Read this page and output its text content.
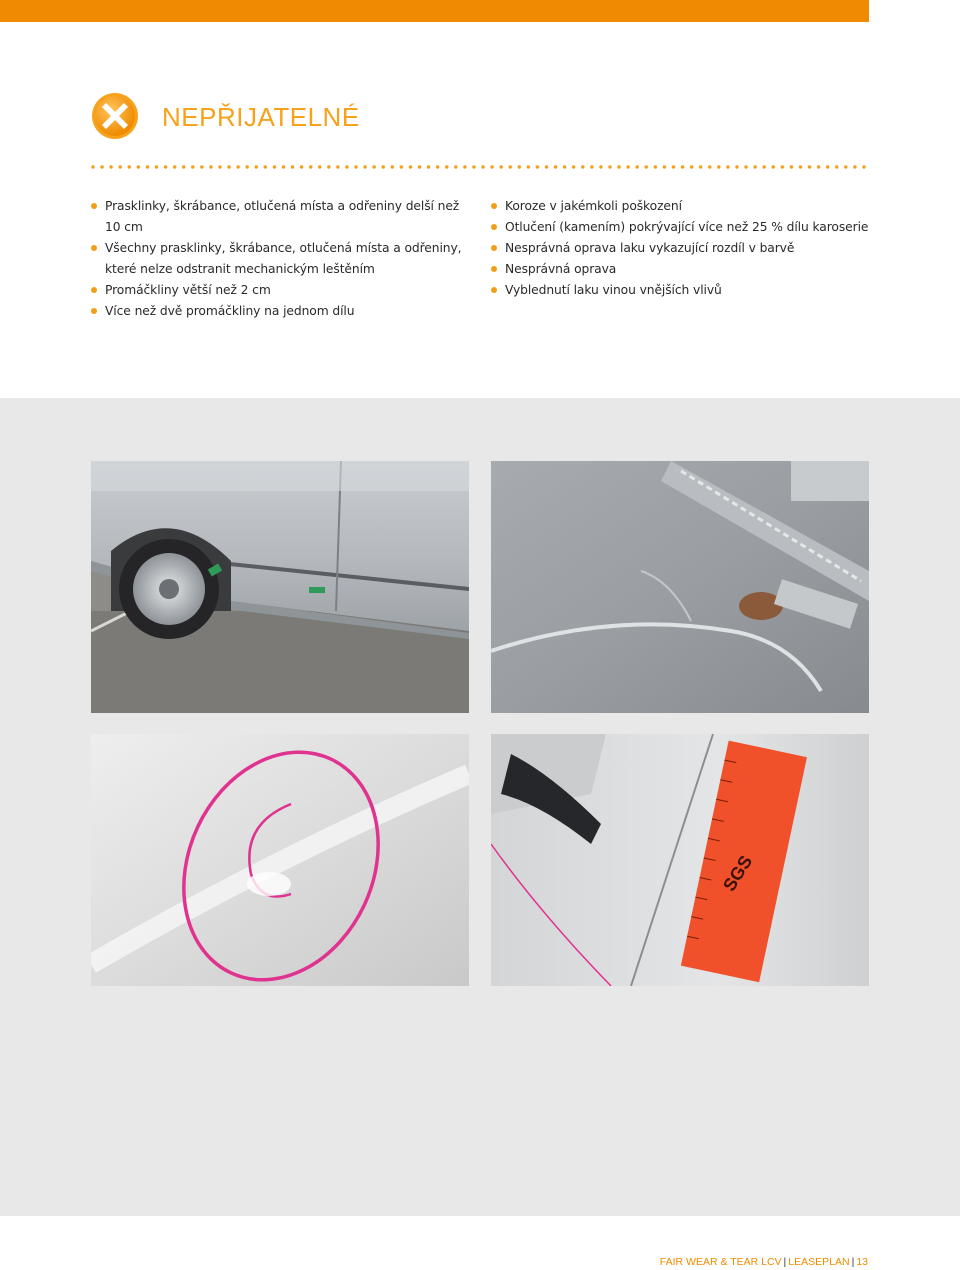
NEPŘIJATELNÉ
Prasklinky, škrábance, otlučená místa a odřeniny delší než 10 cm
Všechny prasklinky, škrábance, otlučená místa a odřeniny, které nelze odstranit mechanickým leštěním
Promáčkliny větší než 2 cm
Více než dvě promáčkliny na jednom dílu
Koroze v jakémkoli poškození
Otlučení (kamením) pokrývající více než 25 % dílu karoserie
Nesprávná oprava laku vykazující rozdíl v barvě
Nesprávná oprava
Vyblednutí laku vinou vnějších vlivů
SGS
FAIR WEAR & TEAR LCV | LEASEPLAN | 13
